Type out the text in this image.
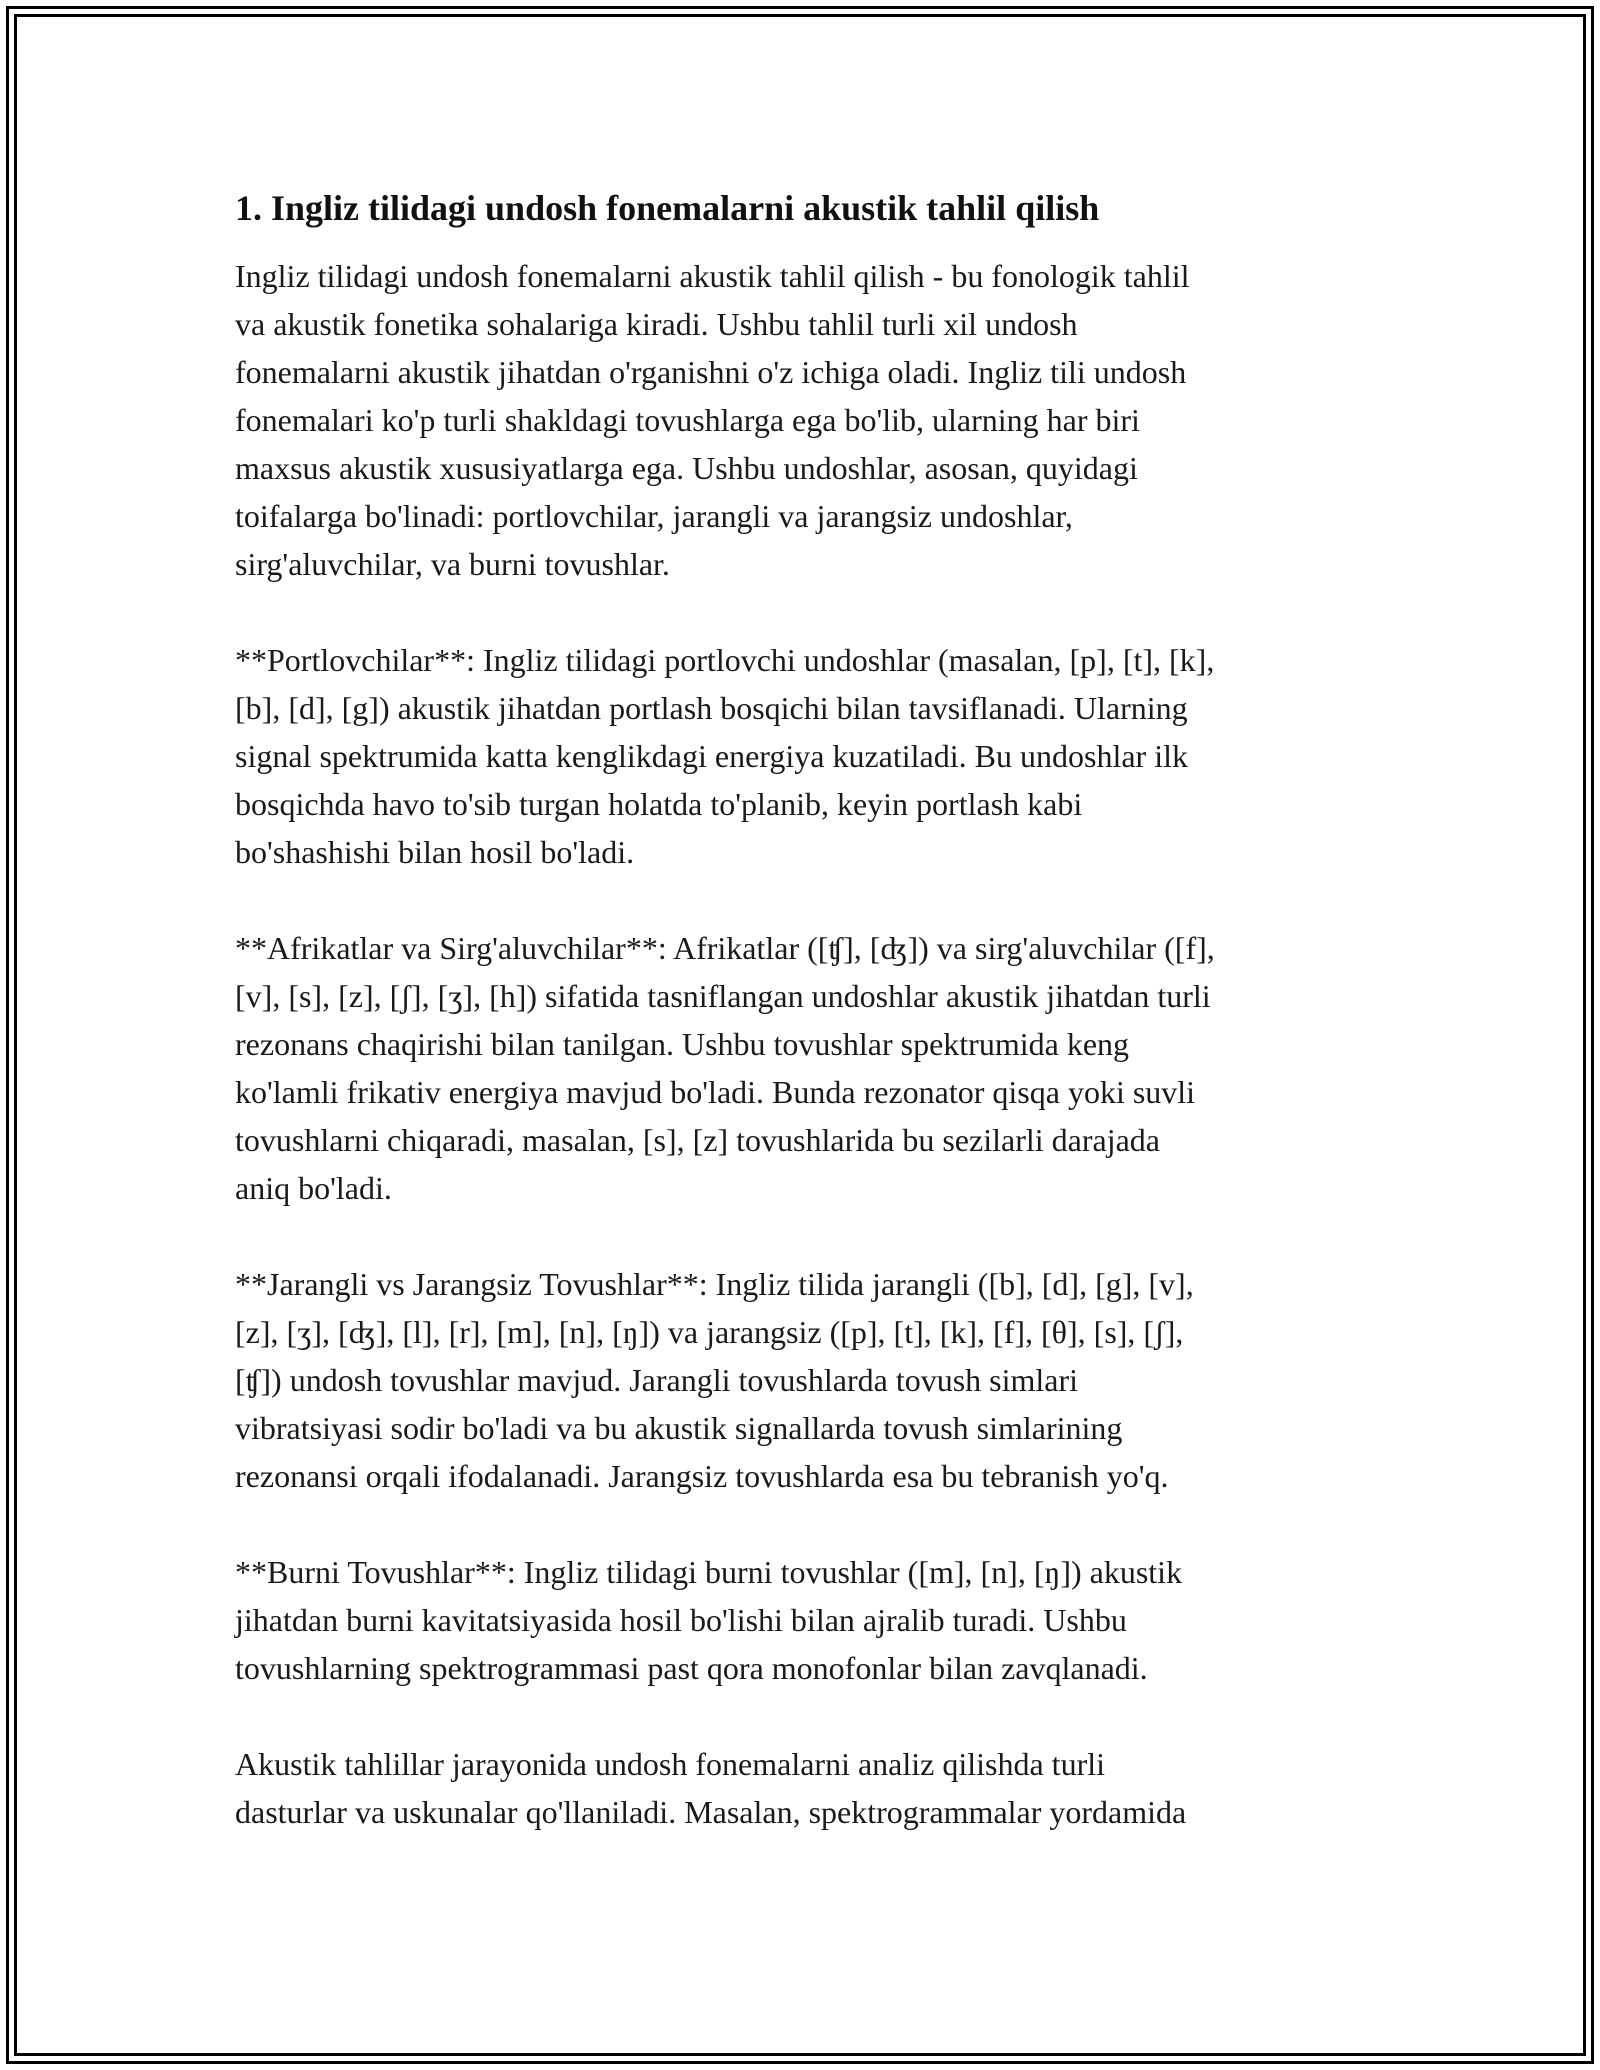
1. Ingliz tilidagi undosh fonemalarni akustik tahlil qilish

Ingliz tilidagi undosh fonemalarni akustik tahlil qilish - bu fonologik tahlil
va akustik fonetika sohalariga kiradi. Ushbu tahlil turli xil undosh
fonemalarni akustik jihatdan o'rganishni o'z ichiga oladi. Ingliz tili undosh
fonemalari ko'p turli shakldagi tovushlarga ega bo'lib, ularning har biri
maxsus akustik xususiyatlarga ega. Ushbu undoshlar, asosan, quyidagi
toifalarga bo'linadi: portlovchilar, jarangli va jarangsiz undoshlar,
sirg'aluvchilar, va burni tovushlar.

**Portlovchilar**: Ingliz tilidagi portlovchi undoshlar (masalan, [p], [t], [k],
[b], [d], [g]) akustik jihatdan portlash bosqichi bilan tavsiflanadi. Ularning
signal spektrumida katta kenglikdagi energiya kuzatiladi. Bu undoshlar ilk
bosqichda havo to'sib turgan holatda to'planib, keyin portlash kabi
bo'shashishi bilan hosil bo'ladi.

**Afrikatlar va Sirg'aluvchilar**: Afrikatlar ([ʧ], [ʤ]) va sirg'aluvchilar ([f],
[v], [s], [z], [ʃ], [ʒ], [h]) sifatida tasniflangan undoshlar akustik jihatdan turli
rezonans chaqirishi bilan tanilgan. Ushbu tovushlar spektrumida keng
ko'lamli frikativ energiya mavjud bo'ladi. Bunda rezonator qisqa yoki suvli
tovushlarni chiqaradi, masalan, [s], [z] tovushlarida bu sezilarli darajada
aniq bo'ladi.

**Jarangli vs Jarangsiz Tovushlar**: Ingliz tilida jarangli ([b], [d], [g], [v],
[z], [ʒ], [ʤ], [l], [r], [m], [n], [ŋ]) va jarangsiz ([p], [t], [k], [f], [θ], [s], [ʃ],
[ʧ]) undosh tovushlar mavjud. Jarangli tovushlarda tovush simlari
vibratsiyasi sodir bo'ladi va bu akustik signallarda tovush simlarining
rezonansi orqali ifodalanadi. Jarangsiz tovushlarda esa bu tebranish yo'q.

**Burni Tovushlar**: Ingliz tilidagi burni tovushlar ([m], [n], [ŋ]) akustik
jihatdan burni kavitatsiyasida hosil bo'lishi bilan ajralib turadi. Ushbu
tovushlarning spektrogrammasi past qora monofonlar bilan zavqlanadi.

Akustik tahlillar jarayonida undosh fonemalarni analiz qilishda turli
dasturlar va uskunalar qo'llaniladi. Masalan, spektrogrammalar yordamida
